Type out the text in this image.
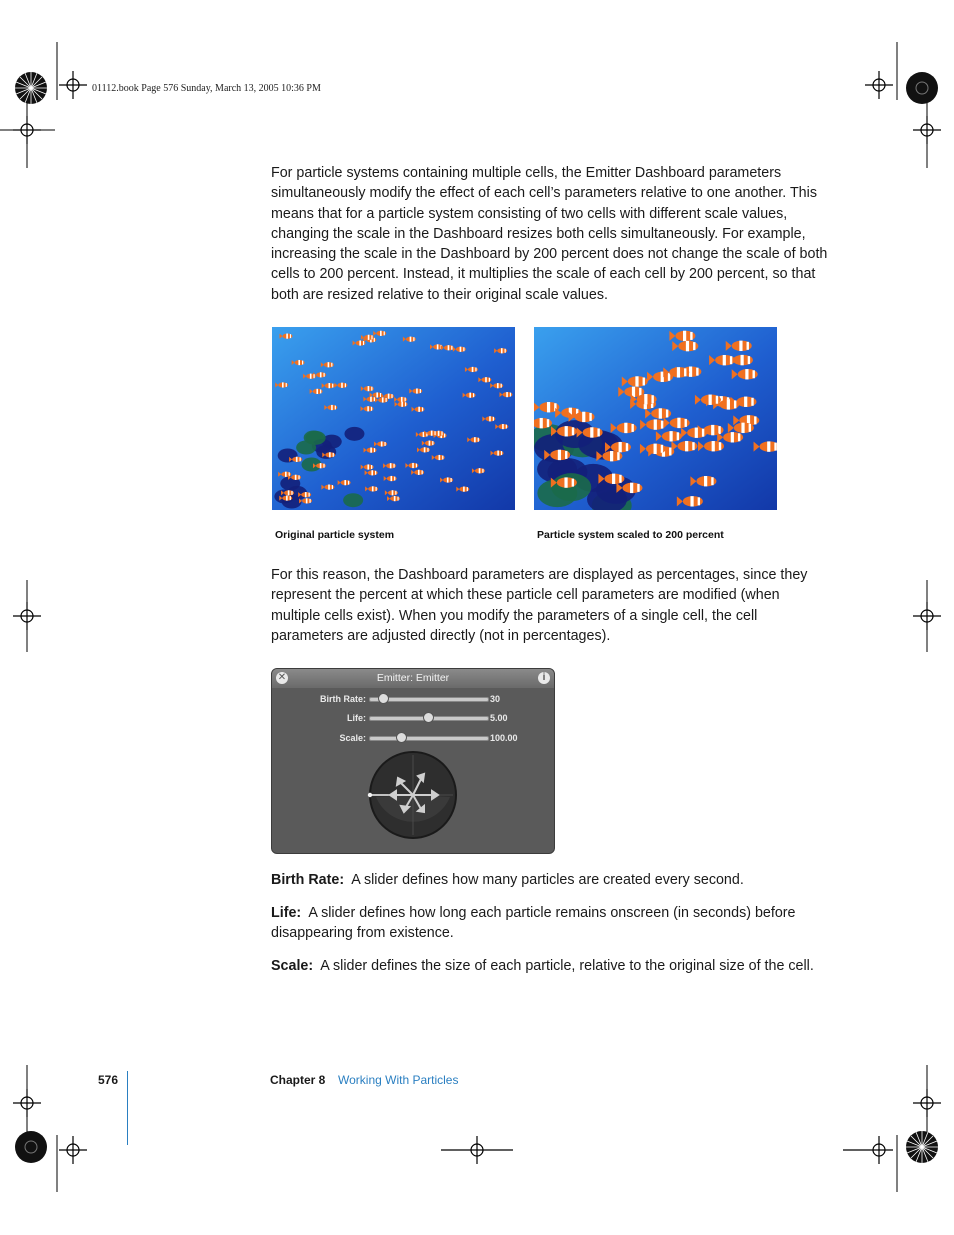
01112.book Page 576 Sunday, March 13, 2005 10:36 PM

For particle systems containing multiple cells, the Emitter Dashboard parameters simultaneously modify the effect of each cell’s parameters relative to one another. This means that for a particle system consisting of two cells with different scale values, changing the scale in the Dashboard resizes both cells simultaneously. For example, increasing the scale in the Dashboard by 200 percent does not change the scale of both cells to 200 percent. Instead, it multiplies the scale of each cell by 200 percent, so that both are resized relative to their original scale values.

Original particle system	Particle system scaled to 200 percent

For this reason, the Dashboard parameters are displayed as percentages, since they represent the percent at which these particle cell parameters are modified (when multiple cells exist). When you modify the parameters of a single cell, the cell parameters are adjusted directly (not in percentages).

✕	Emitter: Emitter	i
Birth Rate:	30
Life:	5.00
Scale:	100.00

Birth Rate: A slider defines how many particles are created every second.

Life: A slider defines how long each particle remains onscreen (in seconds) before disappearing from existence.

Scale: A slider defines the size of each particle, relative to the original size of the cell.

576	Chapter 8 Working With Particles
